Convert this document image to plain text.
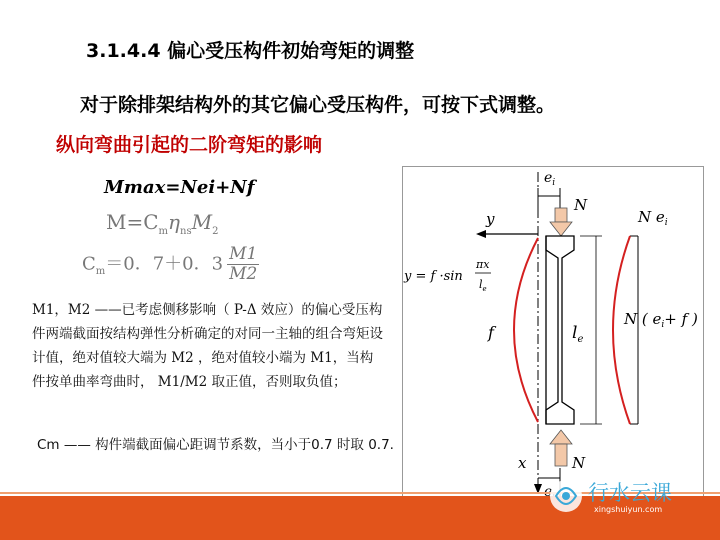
3.1.4.4 偏心受压构件初始弯矩的调整
对于除排架结构外的其它偏心受压构件，可按下式调整。
纵向弯曲引起的二阶弯矩的影响
Mmax=Nei+Nf
$M=C_m\eta_{ns}M_2$
$C_m=0$．7＋0．$3 \frac{M1}{M2}$
M1，M2 ——已考虑侧移影响（ P-Δ 效应）的偏心受压构件两端截面按结构弹性分析确定的对同一主轴的组合弯矩设计值，绝对值较大端为 M2 ，绝对值较小端为 M1，当构件按单曲率弯曲时， M1/M2 取正值，否则取负值；
Cm —— 构件端截面偏心距调节系数，当小于0.7 时取 0.7.
$e_i$
y
N
$l_e$
f
y = f ·sin
πx
$l_e$
N
x
N $e_i$
N ( $e_i+ f$ )
行水云课
xingshuiyun.com
